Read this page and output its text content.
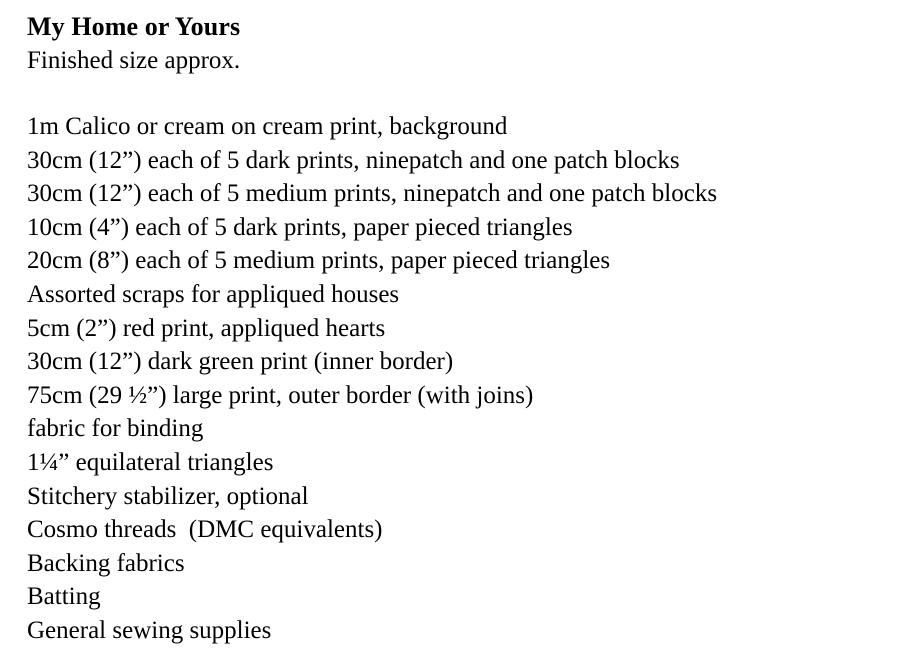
My Home or Yours

Finished size approx.

1m Calico or cream on cream print, background
30cm (12”) each of 5 dark prints, ninepatch and one patch blocks
30cm (12”) each of 5 medium prints, ninepatch and one patch blocks
10cm (4”) each of 5 dark prints, paper pieced triangles
20cm (8”) each of 5 medium prints, paper pieced triangles
Assorted scraps for appliqued houses
5cm (2”) red print, appliqued hearts
30cm (12”) dark green print (inner border)
75cm (29 ½”) large print, outer border (with joins)
fabric for binding
1¼” equilateral triangles
Stitchery stabilizer, optional
Cosmo threads  (DMC equivalents)
Backing fabrics
Batting
General sewing supplies
